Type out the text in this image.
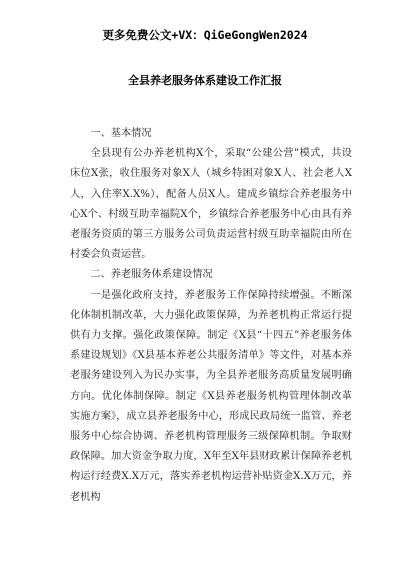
更多免费公文+VX：QiGeGongWen2024
全县养老服务体系建设工作汇报
一、基本情况

全县现有公办养老机构X个，采取“公建公营”模式，共设床位X张，收住服务对象X人（城乡特困对象X人、社会老人X人，入住率X.X%），配备人员X人。建成乡镇综合养老服务中心X个、村级互助幸福院X个，乡镇综合养老服务中心由具有养老服务资质的第三方服务公司负责运营村级互助幸福院由所在村委会负责运营。

二、养老服务体系建设情况

一是强化政府支持，养老服务工作保障持续增强。不断深化体制机制改革，大力强化政策保障，为养老机构正常运行提供有力支撑。强化政策保障。制定《X县“十四五”养老服务体系建设规划》《X县基本养老公共服务清单》等文件，对基本养老服务建设列入为民办实事，为全县养老服务高质量发展明确方向。优化体制保障。制定《X县养老服务机构管理体制改革实施方案》，成立县养老服务中心，形成民政局统一监管、养老服务中心综合协调、养老机构管理服务三级保障机制。争取财政保障。加大资金争取力度，X年至X年县财政累计保障养老机构运行经费X.X万元，落实养老机构运营补贴资金X.X万元，养老机构
